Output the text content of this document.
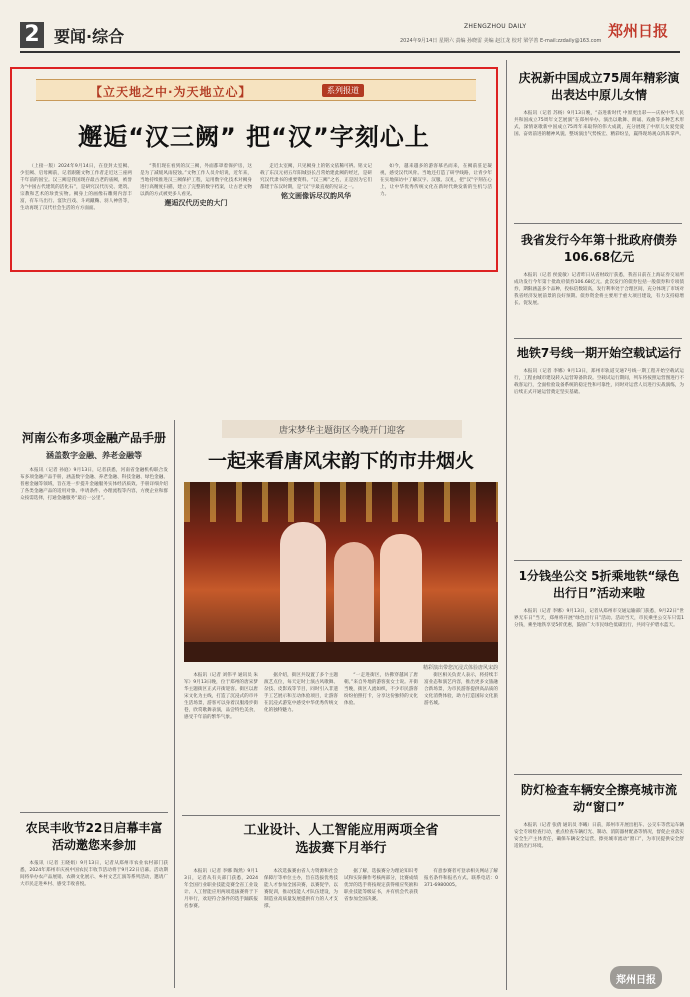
2 要闻·综合
ZHENGZHOU DAILY	郑州日报
2024年9月14日 星期六 责编 孙晓雷 美编 赵江龙 校对 梁学善 E-mail:zzdaily@163.com
【立天地之中·为天地立心】	系列报道
邂逅“汉三阙” 把“汉”字刻心上

（上接一版）2024年9月14日，在登封太室阙、少室阙、启母阙前，记者跟随文物工作者走近这三座两千年前的国宝。汉三阙是我国现存最古老的庙阙，被誉为“中国古代建筑的活化石”，是研究汉代历史、建筑、宗教和艺术的珍贵实物。阙身上的画像石雕刻内容丰富，有车马出行、宴饮百戏、斗鸡蹴鞠、羽人神兽等，生动再现了汉代社会生活的方方面面。

“我们现在看到的汉三阙，外面都罩着保护房，这是为了减缓风雨侵蚀。”文物工作人员介绍说，近年来，当地持续推进汉三阙保护工程，运用数字化技术对阙身进行高精度扫描，建立了完整的数字档案，让古老文物以新的方式被更多人看见。

邂逅汉代历史的大门

走近太室阙，只见阙身上的铭文依稀可辨。铭文记载了东汉元初五年阳城县长吕常始建此阙的经过，是研究汉代隶书的重要资料。“汉三阙”之名，正是因为它们都建于东汉时期，是“汉”字最直观的见证之一。

铭文画像诉尽汉韵风华

如今，越来越多的游客慕名而来，在阙前驻足凝视，感受汉代风骨。当地还打造了研学线路，让青少年在实地探访中了解汉字、汉服、汉礼，把“汉”字刻在心上，让中华优秀传统文化在新时代焕发新的生机与活力。

庆祝新中国成立75周年精彩演出表达中原儿女情

本报讯（记者 苏杨）9月13日晚，“奋进新时代 中原更出彩——庆祝中华人民共和国成立75周年文艺展演”在郑州举办。演出以歌舞、朗诵、戏曲等多种艺术形式，深情讴歌新中国成立75周年来取得的伟大成就，充分展现了中原儿女爱党爱国、奋勇前进的精神风貌。整场演出气势恢宏、精彩纷呈，赢得现场观众阵阵掌声。

我省发行今年第十批政府债券106.68亿元

本报讯（记者 侯爱敏）记者昨日从省财政厅获悉，我省日前在上海证券交易所成功发行今年第十批政府债券106.68亿元。此次发行的债券包括一般债券和专项债券，期限涵盖多个品种，投标倍数较高，发行利率处于合理区间，充分体现了市场对我省经济发展前景的良好预期。债券资金将主要用于重大项目建设，有力支持稳增长、促发展。

地铁7号线一期开始空载试运行

本报讯（记者 李娜）9月13日，郑州市轨道交通7号线一期工程开始空载试运行，工程由城市建设转入运营筹备阶段。空载试运行期间，列车将按照运营图进行不载客运行，全面检验设备系统的稳定性和可靠性，同时对运营人员进行实战演练，为后续正式开通运营奠定坚实基础。

1分钱坐公交 5折乘地铁“绿色出行日”活动来啦

本报讯（记者 李娜）9月13日，记者从郑州市交通运输部门获悉，9月22日“世界无车日”当天，郑州将开展“绿色出行日”活动。活动当天，市民乘坐公交车只需1分钱，乘坐地铁享受5折优惠，鼓励广大市民绿色低碳出行，共同守护碧水蓝天。

防灯检查车辆安全擦亮城市流动“窗口”

本报讯（记者 张倩 通讯员 李曦）日前，郑州市开展出租车、公交车等营运车辆安全专项检查行动，重点检查车辆灯光、制动、消防器材配备等情况，督促企业落实安全生产主体责任，确保车辆安全运营，擦亮城市流动“窗口”，为市民提供安全舒适的出行环境。

河南公布多项金融产品手册
涵盖数字金融、养老金融等

本报讯（记者 孙庭）9月13日，记者获悉，河南省金融机构联合发布多项金融产品手册，涵盖数字金融、养老金融、科技金融、绿色金融、普惠金融等领域，旨在进一步提升金融服务实体经济质效。手册详细介绍了各类金融产品的适用对象、申请条件、办理流程等内容，方便企业和群众按需选择，打通金融服务“最后一公里”。

农民丰收节22日启幕丰富活动邀您来参加

本报讯（记者 王晓娟）9月13日，记者从郑州市农业农村部门获悉，2024年郑州市庆祝中国农民丰收节活动将于9月22日启幕。活动期间将举办农产品展销、农耕文化展示、乡村文艺汇演等系列活动，邀请广大市民走进乡村、感受丰收喜悦。

唐宋梦华主题街区今晚开门迎客
一起来看唐风宋韵下的市井烟火
精彩演出带您沉浸式体验唐风宋韵

本报讯（记者 刘伟平 通讯员 朱军）9月13日晚，位于郑州的唐宋梦华主题街区正式开街迎客。街区以唐宋文化为主线，打造了沉浸式的市井生活场景，游客可以身着汉服漫步街巷，欣赏歌舞表演，品尝特色美食，感受千年前的繁华气象。

据介绍，街区共设置了多个主题演艺点位，每天定时上演古风歌舞、杂技、皮影戏等节目，同时引入非遗手工艺展示和互动体验项目，让游客在沉浸式游览中感受中华优秀传统文化的独特魅力。

“一走进街区，仿佛穿越回了唐朝。”来自外地的游客张女士说。开街当晚，街区人流如织，不少市民游客纷纷拍照打卡，分享这份独特的文化体验。

街区相关负责人表示，将持续丰富业态和演艺内容，推出更多文旅融合新场景，为市民游客提供高品质的文化消费体验，助力打造国际文化旅游名城。

工业设计、人工智能应用两项全省选拔赛下月举行

本报讯（记者 李娜 陶然）9月13日，记者从有关部门获悉，2024年全国行业职业技能竞赛全省工业设计、人工智能应用两项选拔赛将于下月举行，欢迎符合条件的选手踊跃报名参赛。

本次选拔赛由省人力资源和社会保障厅等单位主办，旨在选拔优秀技能人才参加全国决赛，以赛促学、以赛促训，推动技能人才队伍建设，为制造业高质量发展提供有力的人才支撑。

据了解，选拔赛分为理论知识考试和实际操作考核两部分，比赛成绩优异的选手将按规定获得相应奖励和职业技能等级证书，并有机会代表我省参加全国决赛。

有意参赛者可登录相关网站了解报名条件和报名方式。联系电话：0371-6980005。

郑州日报
